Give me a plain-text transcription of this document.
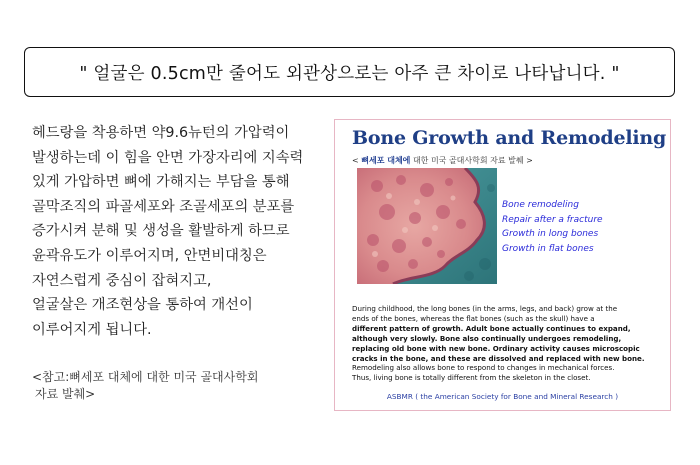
" 얼굴은 0.5cm만 줄어도 외관상으로는 아주 큰 차이로 나타납니다. "
헤드랑을 착용하면 약9.6뉴턴의 가압력이
발생하는데 이 힘을 안면 가장자리에 지속력
있게 가압하면 뼈에 가해지는 부담을 통해
골막조직의 파골세포와 조골세포의 분포를
증가시켜 분해 및 생성을 활발하게 하므로
윤곽유도가 이루어지며, 안면비대칭은
자연스럽게 중심이 잡혀지고,
얼굴살은 개조현상을 통하여 개선이
이루어지게 됩니다.
<참고:뼈세포 대체에 대한 미국 골대사학회
자료 발췌>
Bone Growth and Remodeling
< 뼈세포 대체에 대한 미국 골대사학회 자료 발췌 >
Bone remodeling
Repair after a fracture
Growth in long bones
Growth in flat bones
During childhood, the long bones (in the arms, legs, and back) grow at the
ends of the bones, whereas the flat bones (such as the skull) have a
different pattern of growth. Adult bone actually continues to expand,
although very slowly. Bone also continually undergoes remodeling,
replacing old bone with new bone. Ordinary activity causes microscopic
cracks in the bone, and these are dissolved and replaced with new bone.
Remodeling also allows bone to respond to changes in mechanical forces.
Thus, living bone is totally different from the skeleton in the closet.
ASBMR ( the American Society for Bone and Mineral Research )
